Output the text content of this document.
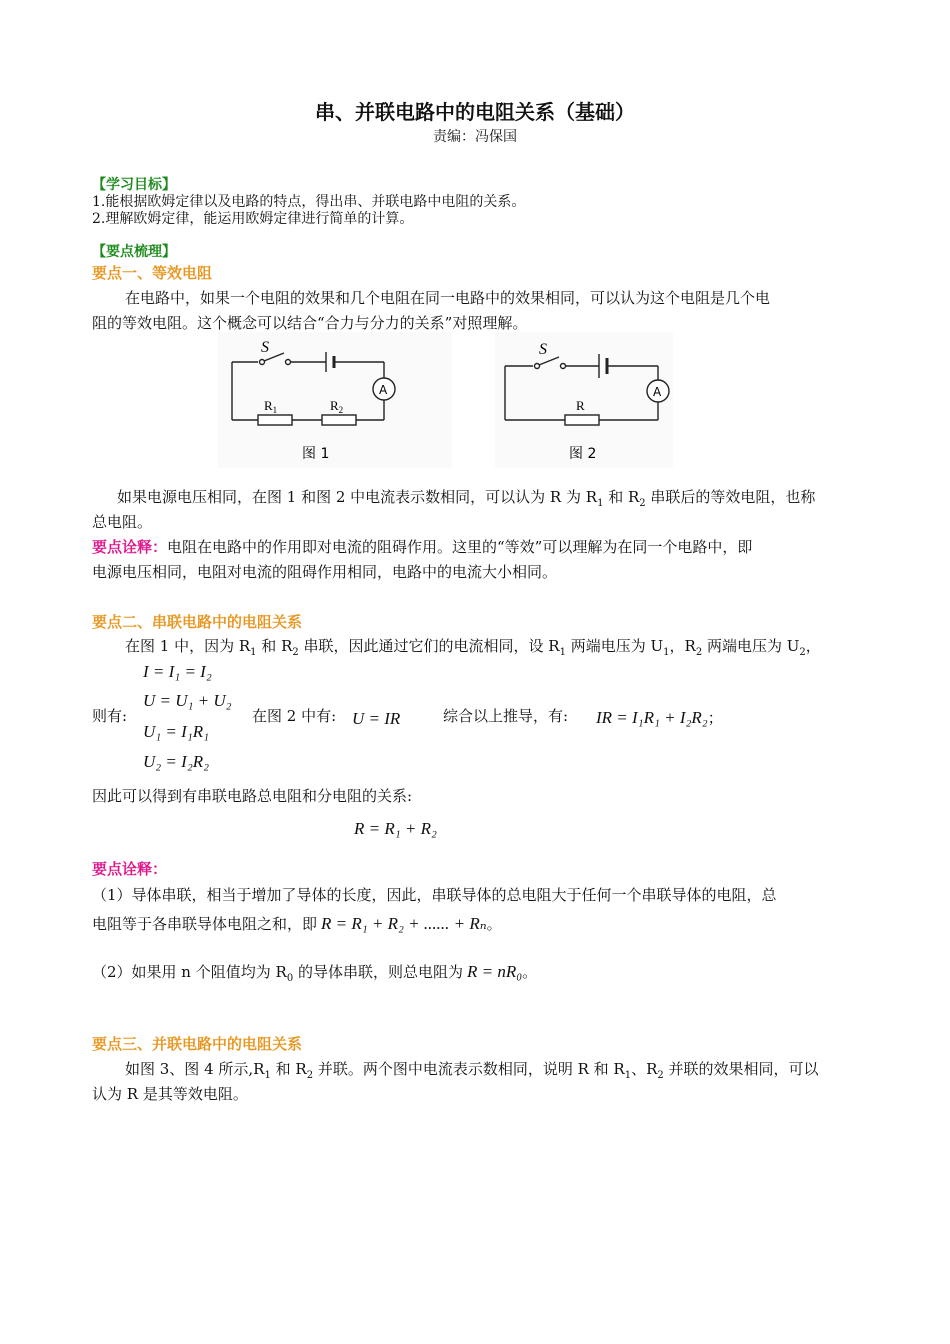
串、并联电路中的电阻关系（基础）
责编：冯保国
【学习目标】
1.能根据欧姆定律以及电路的特点，得出串、并联电路中电阻的关系。
2.理解欧姆定律，能运用欧姆定律进行简单的计算。
【要点梳理】
要点一、等效电阻
在电路中，如果一个电阻的效果和几个电阻在同一电路中的效果相同，可以认为这个电阻是几个电
阻的等效电阻。这个概念可以结合“合力与分力的关系”对照理解。
S
A
$R_1$	$R_2$
图 1
S
A
R
图 2
如果电源电压相同，在图 1 和图 2 中电流表示数相同，可以认为 R 为 $R_1$ 和 $R_2$ 串联后的等效电阻，也称
总电阻。
要点诠释：电阻在电路中的作用即对电流的阻碍作用。这里的“等效”可以理解为在同一个电路中，即
电源电压相同，电阻对电流的阻碍作用相同，电路中的电流大小相同。
要点二、串联电路中的电阻关系
在图 1 中，因为 $R_1$ 和 $R_2$ 串联，因此通过它们的电流相同，设 $R_1$ 两端电压为 $U_1$，$R_2$ 两端电压为 $U_2$，
I = I₁ = I₂
U = U₁ + U₂
U₁ = I₁R₁
U₂ = I₂R₂
则有:	在图 2 中有: U = IR	综合以上推导，有: IR = I₁R₁ + I₂R₂；
因此可以得到有串联电路总电阻和分电阻的关系:
R = R₁ + R₂
要点诠释：
（1）导体串联，相当于增加了导体的长度，因此，串联导体的总电阻大于任何一个串联导体的电阻，总
电阻等于各串联导体电阻之和，即 R = R₁ + R₂ + ...... + Rₙ。
（2）如果用 n 个阻值均为 $R_0$ 的导体串联，则总电阻为 R = nR₀。
要点三、并联电路中的电阻关系
如图 3、图 4 所示$,R_1$ 和 $R_2$ 并联。两个图中电流表示数相同，说明 R 和 $R_1$、$R_2$ 并联的效果相同，可以
认为 R 是其等效电阻。
